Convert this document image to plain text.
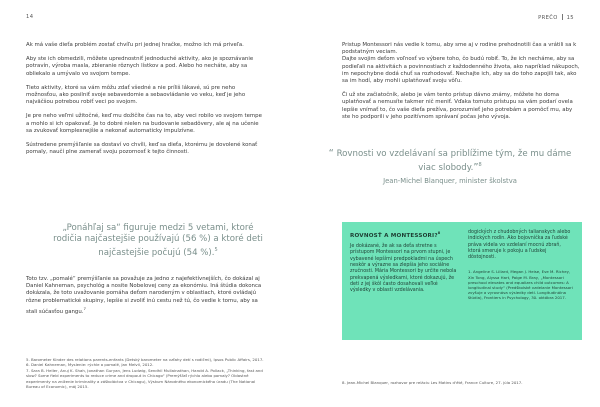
14

Ak má vaše dieťa problém zostať chvíľu pri jednej hračke, možno ich má priveľa.

Aby ste ich obmedzili, môžete uprednostniť jednoduché aktivity, ako je spoznávanie potravín, výroba masla, zbieranie rôznych lístkov a pod. Alebo ho necháte, aby sa obliekalo a umývalo vo svojom tempe.

Tieto aktivity, ktoré sa vám môžu zdať všedné a nie príliš lákavé, sú pre neho možnosťou, ako posilniť svoje sebavedomie a sebaovládanie vo veku, keď je jeho najväčšou potrebou robiť veci po svojom.

Je pre neho veľmi užitočné, keď mu dožičíte čas na to, aby veci robilo vo svojom tempe a mohlo si ich opakovať. Je to dobré nielen na budovanie sebadôvery, ale aj na učenie sa zvukovať komplexnejšie a nekonať automaticky impulzívne.

Sústredene premýšľanie sa dostaví vo chvíli, keď sa dieťa, ktorému je dovolené konať pomaly, naučí plne zamerať svoju pozornosť k tejto činnosti.

„Ponáhľaj sa“ figuruje medzi 5 vetami, ktoré rodičia najčastejšie používajú (56 %) a ktoré deti najčastejšie počujú (54 %).$^5$

Toto tzv. „pomalé“ premýšľanie sa považuje za jedno z najefektívnejších, čo dokázal aj Daniel Kahneman, psychológ a nosite Nobelovej ceny za ekonómiu. Iná štúdia dokonca dokázala, že toto uvažovanie pomáha deťom narodeným v oblastiach, ktoré ovládajú rôzne problematické skupiny, lepšie si zvoliť inú cestu než tú, čo vedie k tomu, aby sa stali súčasťou gangu.$^7$

5. Barometer Kinder des relations parents-enfants (Detský barometer na vzťahy detí s rodičmi), Ipsos Public Affairs, 2017.

6. Daniel Kahneman, Myslenie: rýchle a pomalé, Jan Melvil, 2012.

7. Sara B. Heller, Anuj K. Shah, Jonathan Guryan, Jens Ludwig, Sendhil Mullainathan, Harold A. Pollack, „Thinking, fast and slow? Some field experiments to reduce crime and dropout in Chicago“ (Premýšľať rýchlo alebo pomaly? Oblastné experimenty na zníženie kriminality a záškoláctva v Chicagu), Výskum Národného ekonomického úradu (The National Bureau of Economic), máj 2015.

PREČO 15

Pristup Montessori nás vedie k tomu, aby sme aj v rodine prehodnotili čas a vrátili sa k podstatným veciam.

Dajte svojim deťom voľnosť vo výbere toho, čo budú robiť. To, že ich necháme, aby sa podieľali na aktivitách a povinnostiach z každodenného života, ako napríklad nákupoch, im nepochybne dodá chuť sa rozhodovať. Nechajte ich, aby sa do toho zapojili tak, ako sa im hodí, aby mohli uplatňovať svoju vôľu.

Či už ste začiatočník, alebo je vám tento prístup dávno známy, môžete ho doma uplatňovať a nemusíte takmer nič meniť. Vďaka tomuto prístupu sa vám podarí ovela lepšie vnímať to, čo vaše dieťa prežíva, porozumieť jeho potrebám a pomôcť mu, aby ste ho podporili v jeho pozitívnom správaní počas jeho vývoja.

“ Rovnosti vo vzdelávaní sa priblížime tým, že mu dáme viac slobody.”$^8$
Jean-Michel Blanquer, minister školstva
ROVNOSŤ A MONTESSORI?$^8$

Je dokázané, že ak sa deťa stretne s prístupom Montessori na prvom stupni, je vybavené lepšími predpokladmi na úspech neskôr a výrazne sa zlepšia jeho sociálne zručnosti. Mária Montessori by určite nebola prekvapená výsledkami, ktoré dokazujú, že deti z jej škôl často dosahovali veľké výsledky v oblasti vzdelávania.

dogických z chudobných talianskych alebo indických rodín. Ako bojovníčka za ľudské práva videla vo vzdelaní mocnú zbraň, ktorá smeruje k pokoju a ľudskej dôstojnosti.

1. Angeline S. Lillard, Megan J. Heise, Eve M. Richey, Xin Tong, Alyssa Hart, Paige M. Bray, „Montessori preschool elevates and equalizes child outcomes: A longitudinal study“ (Predškolské vzdelanie Montessori zvyšuje a vyrovnáva výsledky detí. Longitudinálna štúdia), Frontiers in Psychology, 30. októbra 2017.

8. Jean-Michel Blanquer, rozhovor pre reláciu Les Matins d'été, France Culture, 27. júla 2017.
